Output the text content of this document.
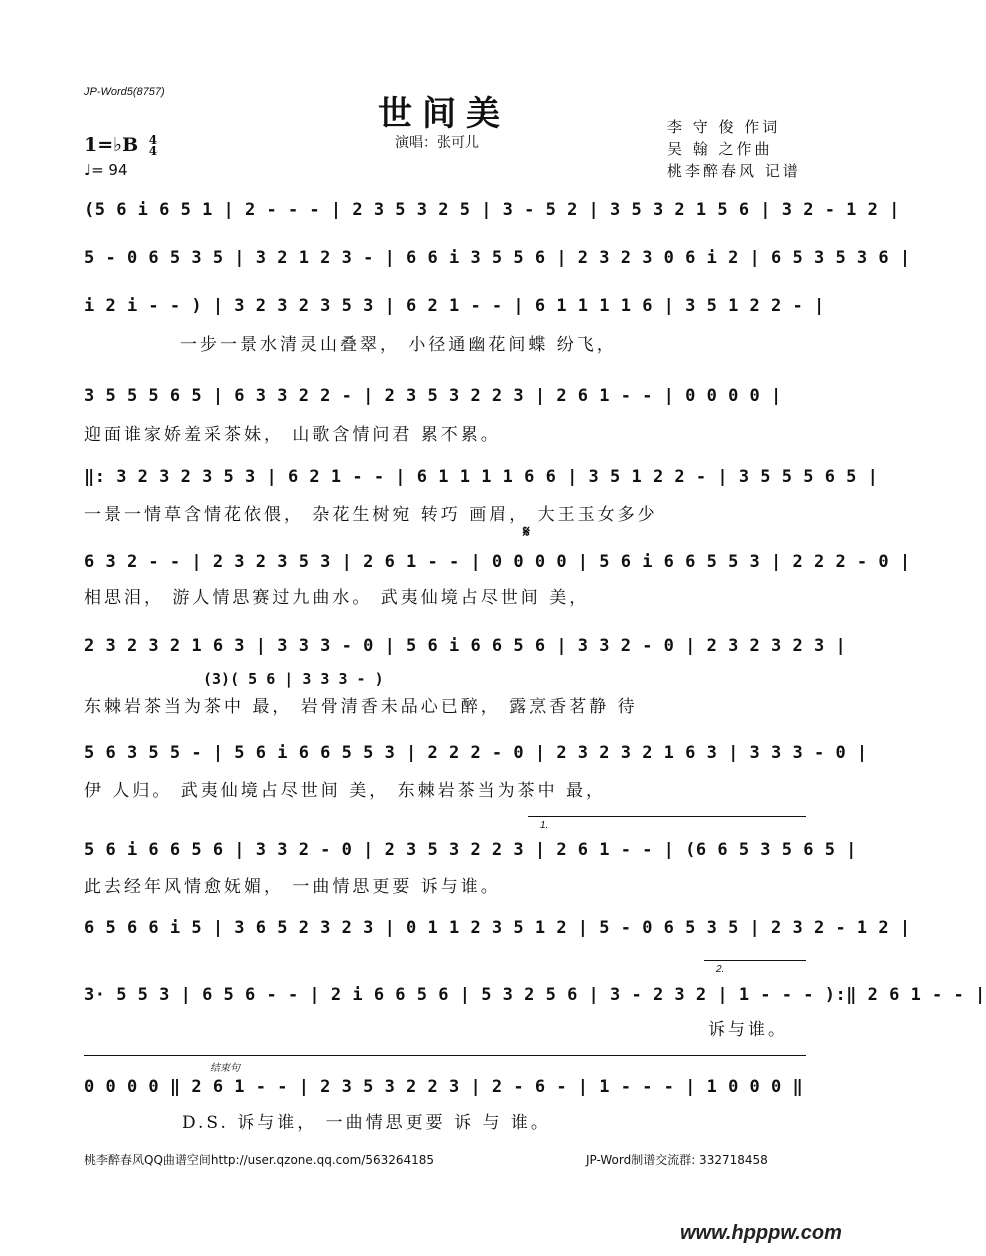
JP-Word5(8757)
世间美
演唱：张可儿
李 守 俊 作词
吴 翰 之作曲
桃李醉春风 记谱
1=♭B 4
4
♩= 94
(5 6 i 6 5 1 | 2 - - - | 2 3 5 3 2 5 | 3 - 5 2 | 3 5 3 2 1 5 6 | 3 2 - 1 2 |
5 - 0 6 5 3 5 | 3 2 1 2 3 - | 6 6 i 3 5 5 6 | 2 3 2 3 0 6 i 2 | 6 5 3 5 3 6 |
i 2 i - - ) | 3 2 3 2 3 5 3 | 6 2 1 - - | 6 1 1 1 1 6 | 3 5 1 2 2 - |
一步一景水清灵山叠翠， 小径通幽花间蝶 纷飞，
3 5 5 5 6 5 | 6 3 3 2 2 - | 2 3 5 3 2 2 3 | 2 6 1 - - | 0 0 0 0 |
迎面谁家娇羞采茶妹， 山歌含情问君 累不累。
‖: 3 2 3 2 3 5 3 | 6 2 1 - - | 6 1 1 1 1 6 6 | 3 5 1 2 2 - | 3 5 5 5 6 5 |
一景一情草含情花依偎， 杂花生树宛 转巧 画眉， 大王玉女多少
𝄋
6 3 2 - - | 2 3 2 3 5 3 | 2 6 1 - - | 0 0 0 0 | 5 6 i 6 6 5 5 3 | 2 2 2 - 0 |
相思泪， 游人情思赛过九曲水。 武夷仙境占尽世间 美，
2 3 2 3 2 1 6 3 | 3 3 3 - 0 | 5 6 i 6 6 5 6 | 3 3 2 - 0 | 2 3 2 3 2 3 |
(3)( 5 6 | 3 3 3 - )
东棘岩茶当为茶中 最， 岩骨清香未品心已醉， 露烹香茗静 待
5 6 3 5 5 - | 5 6 i 6 6 5 5 3 | 2 2 2 - 0 | 2 3 2 3 2 1 6 3 | 3 3 3 - 0 |
伊 人归。 武夷仙境占尽世间 美， 东棘岩茶当为茶中 最，
1.
5 6 i 6 6 5 6 | 3 3 2 - 0 | 2 3 5 3 2 2 3 | 2 6 1 - - | (6 6 5 3 5 6 5 |
此去经年风情愈妩媚， 一曲情思更要 诉与谁。
6 5 6 6 i 5 | 3 6 5 2 3 2 3 | 0 1 1 2 3 5 1 2 | 5 - 0 6 5 3 5 | 2 3 2 - 1 2 |
2.
3· 5 5 3 | 6 5 6 - - | 2 i 6 6 5 6 | 5 3 2 5 6 | 3 - 2 3 2 | 1 - - - ):‖ 2 6 1 - - |
诉与谁。
结束句
0 0 0 0 ‖ 2 6 1 - - | 2 3 5 3 2 2 3 | 2 - 6 - | 1 - - - | 1 0 0 0 ‖
D.S. 诉与谁， 一曲情思更要 诉 与 谁。
桃李醉春风QQ曲谱空间http://user.qzone.qq.com/563264185	JP-Word制谱交流群: 332718458
www.hpppw.com
